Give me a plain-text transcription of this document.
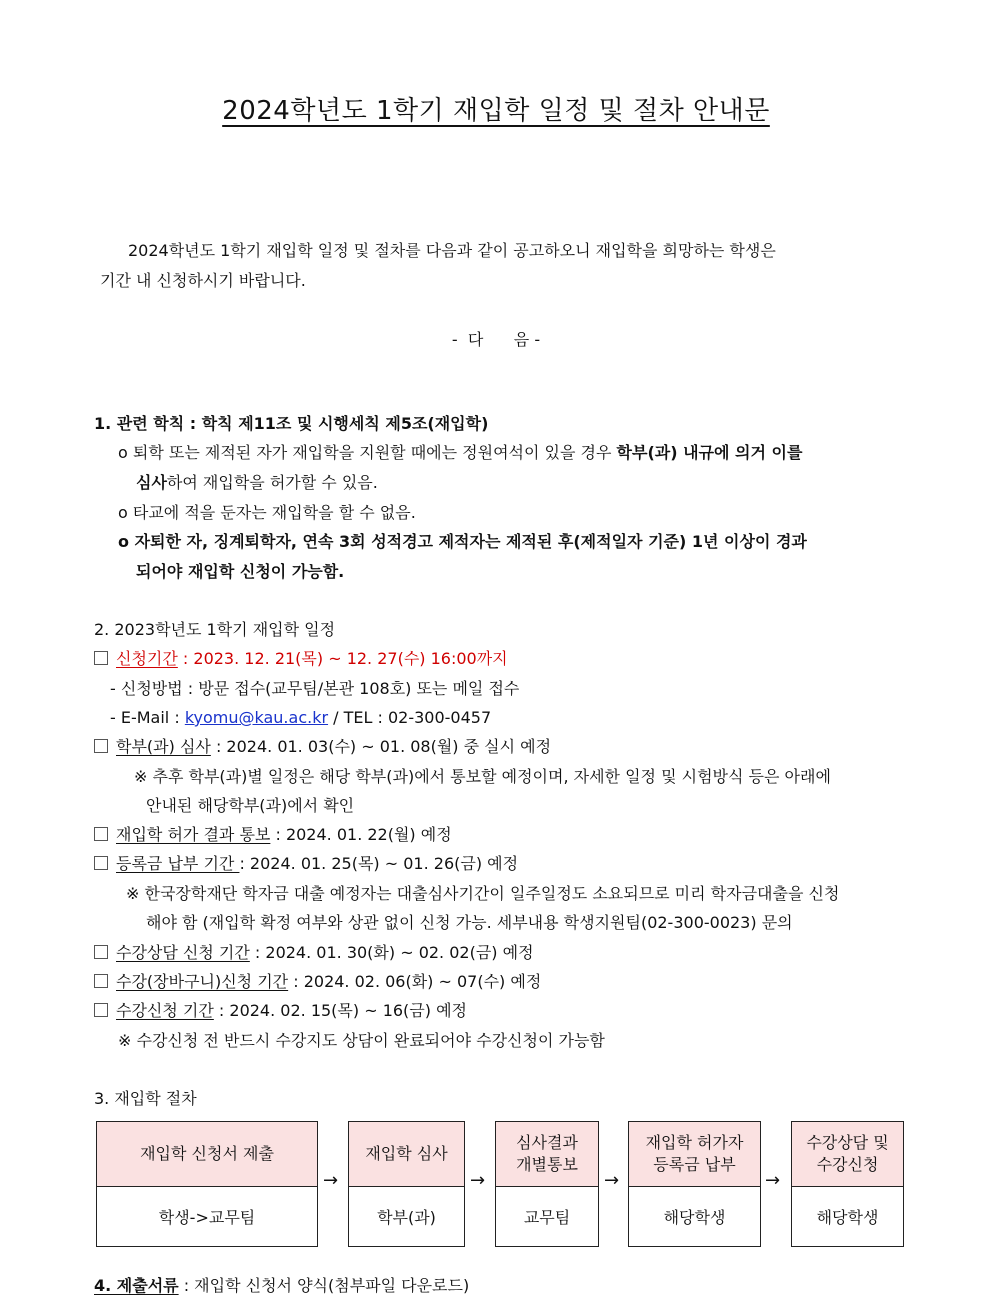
2024학년도 1학기 재입학 일정 및 절차 안내문
2024학년도 1학기 재입학 일정 및 절차를 다음과 같이 공고하오니 재입학을 희망하는 학생은
기간 내 신청하시기 바랍니다.
-  다      음 -
1. 관련 학칙 : 학칙 제11조 및 시행세칙 제5조(재입학)
o 퇴학 또는 제적된 자가 재입학을 지원할 때에는 정원여석이 있을 경우 학부(과) 내규에 의거 이를
심사하여 재입학을 허가할 수 있음.
o 타교에 적을 둔자는 재입학을 할 수 없음.
o 자퇴한 자, 징계퇴학자, 연속 3회 성적경고 제적자는 제적된 후(제적일자 기준) 1년 이상이 경과
되어야 재입학 신청이 가능함.
2. 2023학년도 1학기 재입학 일정
신청기간 : 2023. 12. 21(목) ~ 12. 27(수) 16:00까지
- 신청방법 : 방문 접수(교무팀/본관 108호) 또는 메일 접수
- E-Mail : kyomu@kau.ac.kr / TEL : 02-300-0457
학부(과) 심사 : 2024. 01. 03(수) ~ 01. 08(월) 중 실시 예정
※ 추후 학부(과)별 일정은 해당 학부(과)에서 통보할 예정이며, 자세한 일정 및 시험방식 등은 아래에
안내된 해당학부(과)에서 확인
재입학 허가 결과 통보 : 2024. 01. 22(월) 예정
등록금 납부 기간 : 2024. 01. 25(목) ~ 01. 26(금) 예정
※ 한국장학재단 학자금 대출 예정자는 대출심사기간이 일주일정도 소요되므로 미리 학자금대출을 신청
해야 함 (재입학 확정 여부와 상관 없이 신청 가능. 세부내용 학생지원팀(02-300-0023) 문의
수강상담 신청 기간 : 2024. 01. 30(화) ~ 02. 02(금) 예정
수강(장바구니)신청 기간 : 2024. 02. 06(화) ~ 07(수) 예정
수강신청 기간 : 2024. 02. 15(목) ~ 16(금) 예정
※ 수강신청 전 반드시 수강지도 상담이 완료되어야 수강신청이 가능함
3. 재입학 절차
재입학 신청서 제출
학생->교무팀
→
재입학 심사
학부(과)
→
심사결과
개별통보
교무팀
→
재입학 허가자
등록금 납부
해당학생
→
수강상담 및
수강신청
해당학생
4. 제출서류 : 재입학 신청서 양식(첨부파일 다운로드)
